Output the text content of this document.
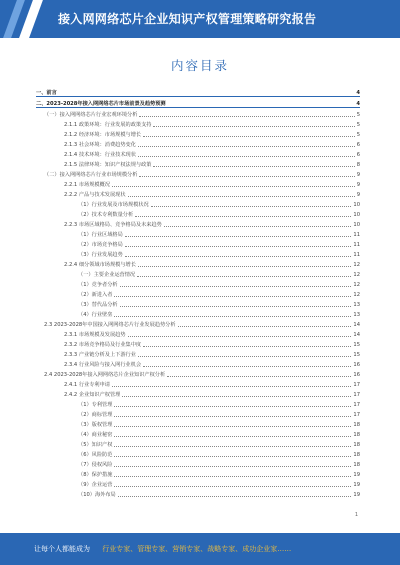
接入网网络芯片企业知识产权管理策略研究报告
内容目录
一、前言	4
二、2023-2028年接入网网络芯片市场前景及趋势预测	4
（一）接入网网络芯片行业宏观环境分析	5
2.1.1 政策环境：行业发展的政策支持	5
2.1.2 经济环境：市场规模与增长	5
2.1.3 社会环境：消费趋势变化	6
2.1.4 技术环境：行业技术现状	6
2.1.5 法律环境：知识产权法规与政策	8
（二）接入网网络芯片行业市场规模分析	9
2.2.1 市场规模概况	9
2.2.2 产品与技术发展现状	9
（1）行业发展及市场规模状况	10
（2）技术专利数量分析	10
2.2.3 市场区域格局、竞争格局及未来趋势	10
（1）行业区域格局	11
（2）市场竞争格局	11
（3）行业发展趋势	11
2.2.4 细分领域市场规模与增长	12
（一）主要企业运营情况	12
（1）竞争者分析	12
（2）新进入者	12
（3）替代品分析	13
（4）行业壁垒	13
2.3 2023-2028年中国接入网网络芯片行业发展趋势分析	14
2.3.1 市场规模及发展趋势	14
2.3.2 市场竞争格局及行业集中度	15
2.3.3 产业链分析及上下游行业	15
2.3.4 行业风险与接入网行业机会	16
2.4 2023-2028年接入网网络芯片企业知识产权分析	16
2.4.1 行业专利申请	17
2.4.2 企业知识产权管理	17
（1）专利管理	17
（2）商标管理	17
（3）版权管理	18
（4）商业秘密	18
（5）知识产权	18
（6）风险防范	18
（7）侵权风险	18
（8）保护措施	19
（9）企业运营	19
（10）海外布局	19
1
让每个人都能成为 行业专家、管理专家、营销专家、战略专家、成功企业家……
